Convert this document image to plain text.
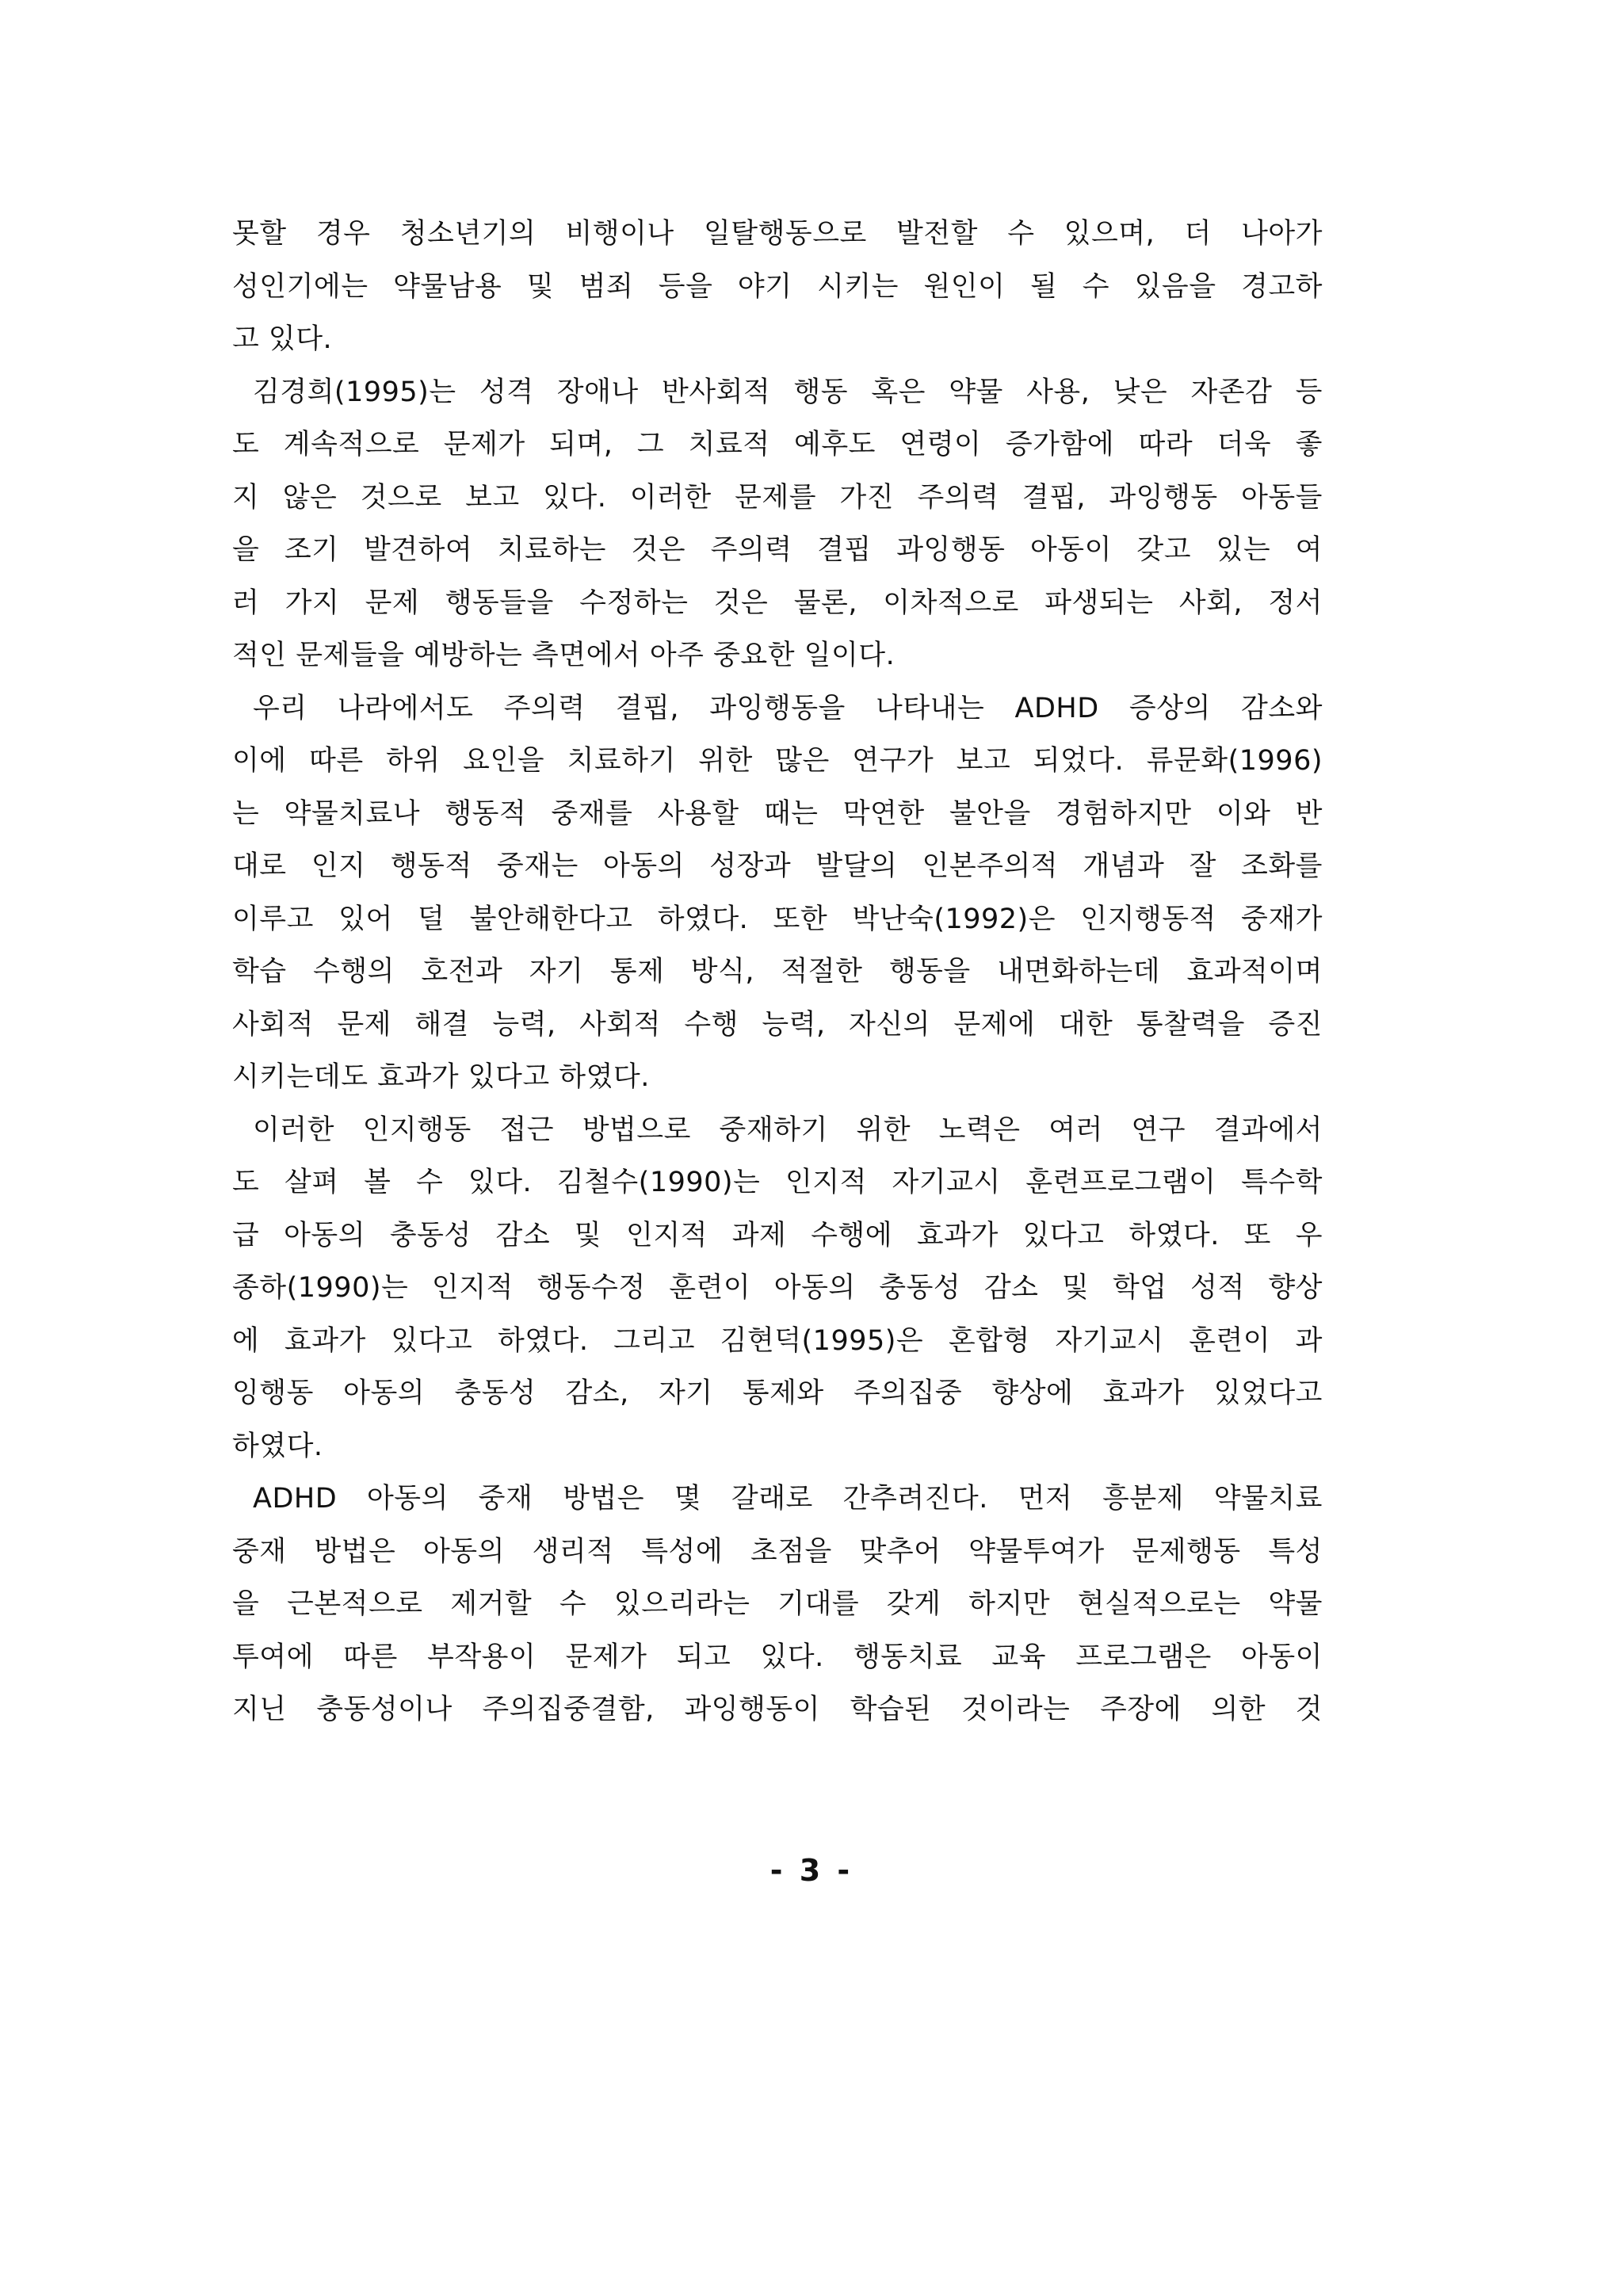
못할 경우 청소년기의 비행이나 일탈행동으로 발전할 수 있으며, 더 나아가
성인기에는 약물남용 및 범죄 등을 야기 시키는 원인이 될 수 있음을 경고하
고 있다.
김경희(1995)는 성격 장애나 반사회적 행동 혹은 약물 사용, 낮은 자존감 등
도 계속적으로 문제가 되며, 그 치료적 예후도 연령이 증가함에 따라 더욱 좋
지 않은 것으로 보고 있다. 이러한 문제를 가진 주의력 결핍, 과잉행동 아동들
을 조기 발견하여 치료하는 것은 주의력 결핍 과잉행동 아동이 갖고 있는 여
러 가지 문제 행동들을 수정하는 것은 물론, 이차적으로 파생되는 사회, 정서
적인 문제들을 예방하는 측면에서 아주 중요한 일이다.
우리 나라에서도 주의력 결핍, 과잉행동을 나타내는 ADHD 증상의 감소와
이에 따른 하위 요인을 치료하기 위한 많은 연구가 보고 되었다. 류문화(1996)
는 약물치료나 행동적 중재를 사용할 때는 막연한 불안을 경험하지만 이와 반
대로 인지 행동적 중재는 아동의 성장과 발달의 인본주의적 개념과 잘 조화를
이루고 있어 덜 불안해한다고 하였다. 또한 박난숙(1992)은 인지행동적 중재가
학습 수행의 호전과 자기 통제 방식, 적절한 행동을 내면화하는데 효과적이며
사회적 문제 해결 능력, 사회적 수행 능력, 자신의 문제에 대한 통찰력을 증진
시키는데도 효과가 있다고 하였다.
이러한 인지행동 접근 방법으로 중재하기 위한 노력은 여러 연구 결과에서
도 살펴 볼 수 있다. 김철수(1990)는 인지적 자기교시 훈련프로그램이 특수학
급 아동의 충동성 감소 및 인지적 과제 수행에 효과가 있다고 하였다. 또 우
종하(1990)는 인지적 행동수정 훈련이 아동의 충동성 감소 및 학업 성적 향상
에 효과가 있다고 하였다. 그리고 김현덕(1995)은 혼합형 자기교시 훈련이 과
잉행동 아동의 충동성 감소, 자기 통제와 주의집중 향상에 효과가 있었다고
하였다.
ADHD 아동의 중재 방법은 몇 갈래로 간추려진다. 먼저 흥분제 약물치료
중재 방법은 아동의 생리적 특성에 초점을 맞추어 약물투여가 문제행동 특성
을 근본적으로 제거할 수 있으리라는 기대를 갖게 하지만 현실적으로는 약물
투여에 따른 부작용이 문제가 되고 있다. 행동치료 교육 프로그램은 아동이
지닌 충동성이나 주의집중결함, 과잉행동이 학습된 것이라는 주장에 의한 것
- 3 -
